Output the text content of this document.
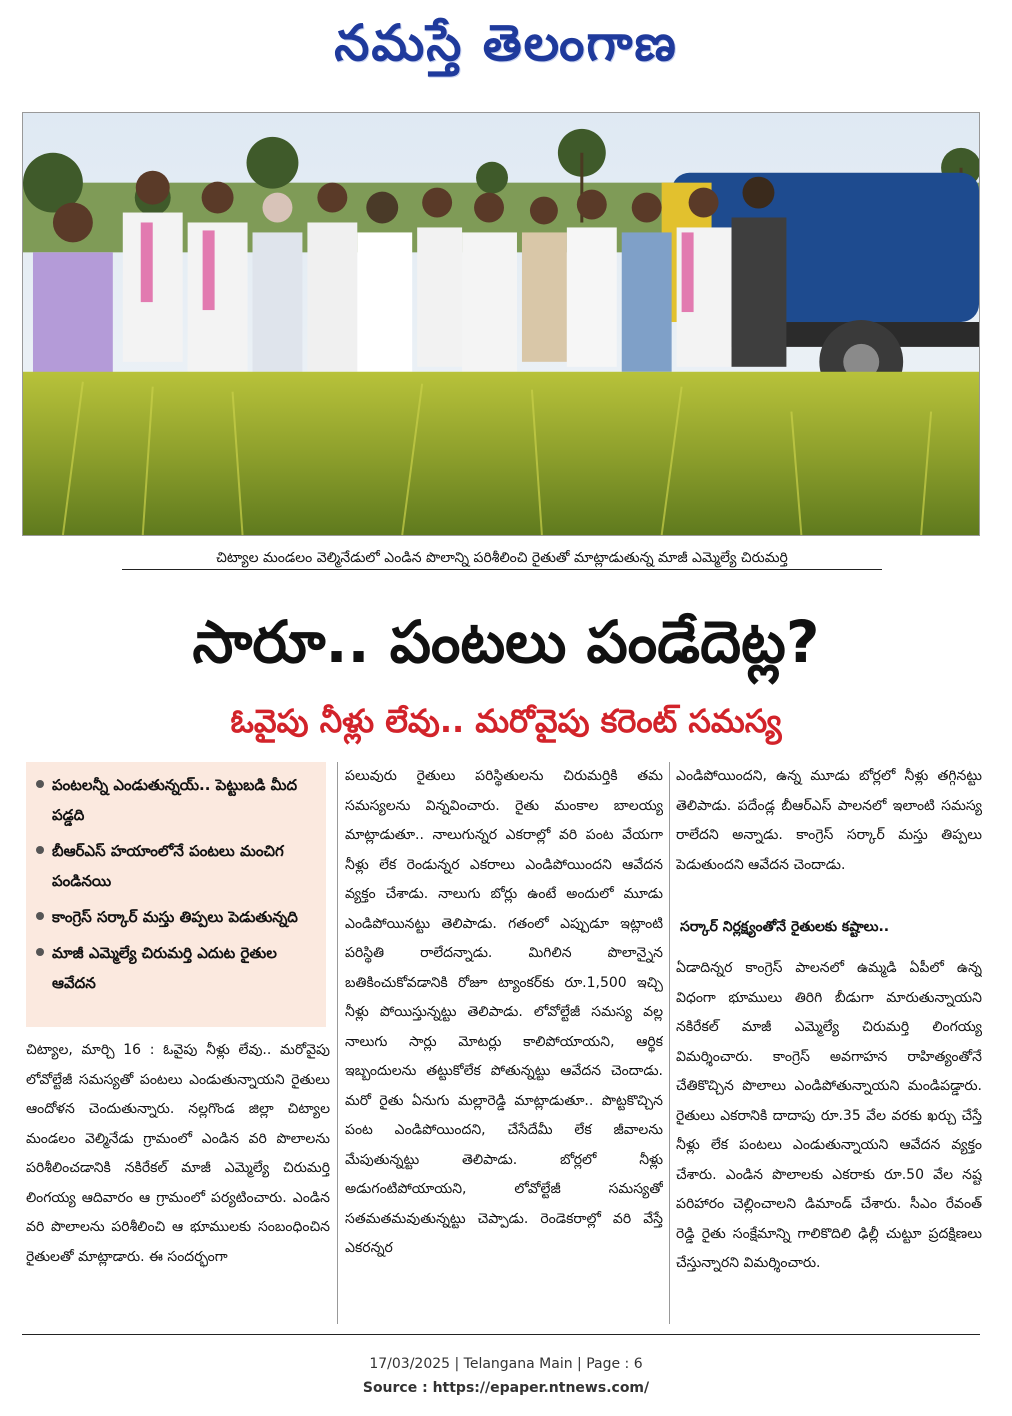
నమస్తే తెలంగాణ
చిట్యాల మండలం వెల్మినేడులో ఎండిన పొలాన్ని పరిశీలించి రైతుతో మాట్లాడుతున్న మాజీ ఎమ్మెల్యే చిరుమర్తి
సారూ.. పంటలు పండేదెట్ల?
ఓవైపు నీళ్లు లేవు.. మరోవైపు కరెంట్ సమస్య
పంటలన్నీ ఎండుతున్నయ్.. పెట్టుబడి మీద పడ్డది
బీఆర్ఎస్ హయాంలోనే పంటలు మంచిగ పండినయి
కాంగ్రెస్ సర్కార్ మస్తు తిప్పలు పెడుతున్నది
మాజీ ఎమ్మెల్యే చిరుమర్తి ఎదుట రైతుల ఆవేదన
చిట్యాల, మార్చి 16 : ఓవైపు నీళ్లు లేవు.. మరోవైపు లోవోల్టేజీ సమస్యతో పంటలు ఎండుతున్నాయని రైతులు ఆందోళన చెందుతున్నారు. నల్లగొండ జిల్లా చిట్యాల మండలం వెల్మినేడు గ్రామంలో ఎండిన వరి పొలాలను పరిశీలించడానికి నకిరేకల్ మాజీ ఎమ్మెల్యే చిరుమర్తి లింగయ్య ఆదివారం ఆ గ్రామంలో పర్యటించారు. ఎండిన వరి పొలాలను పరిశీలించి ఆ భూములకు సంబంధించిన రైతులతో మాట్లాడారు. ఈ సందర్భంగా
పలువురు రైతులు పరిస్థితులను చిరుమర్తికి తమ సమస్యలను విన్నవించారు. రైతు మంకాల బాలయ్య మాట్లాడుతూ.. నాలుగున్నర ఎకరాల్లో వరి పంట వేయగా నీళ్లు లేక రెండున్నర ఎకరాలు ఎండిపోయిందని ఆవేదన వ్యక్తం చేశాడు. నాలుగు బోర్లు ఉంటే అందులో మూడు ఎండిపోయినట్టు తెలిపాడు. గతంలో ఎప్పుడూ ఇట్లాంటి పరిస్థితి రాలేదన్నాడు. మిగిలిన పొలాన్నైన బతికించుకోవడానికి రోజూ ట్యాంకర్‌కు రూ.1,500 ఇచ్చి నీళ్లు పోయిస్తున్నట్టు తెలిపాడు. లోవోల్టేజీ సమస్య వల్ల నాలుగు సార్లు మోటర్లు కాలిపోయాయని, ఆర్థిక ఇబ్బందులను తట్టుకోలేక పోతున్నట్టు ఆవేదన చెందాడు. మరో రైతు ఏనుగు మల్లారెడ్డి మాట్లాడుతూ.. పొట్టకొచ్చిన పంట ఎండిపోయిందని, చేసేదేమీ లేక జీవాలను మేపుతున్నట్టు తెలిపాడు. బోర్లలో నీళ్లు అడుగంటిపోయాయని, లోవోల్టేజీ సమస్యతో సతమతమవుతున్నట్టు చెప్పాడు. రెండెకరాల్లో వరి వేస్తే ఎకరన్నర
ఎండిపోయిందని, ఉన్న మూడు బోర్లలో నీళ్లు తగ్గినట్టు తెలిపాడు. పదేండ్ల బీఆర్ఎస్ పాలనలో ఇలాంటి సమస్య రాలేదని అన్నాడు. కాంగ్రెస్ సర్కార్ మస్తు తిప్పలు పెడుతుందని ఆవేదన చెందాడు.
సర్కార్ నిర్లక్ష్యంతోనే రైతులకు కష్టాలు..
ఏడాదిన్నర కాంగ్రెస్ పాలనలో ఉమ్మడి ఏపీలో ఉన్న విధంగా భూములు తిరిగి బీడుగా మారుతున్నాయని నకిరేకల్ మాజీ ఎమ్మెల్యే చిరుమర్తి లింగయ్య విమర్శించారు. కాంగ్రెస్ అవగాహన రాహిత్యంతోనే చేతికొచ్చిన పొలాలు ఎండిపోతున్నాయని మండిపడ్డారు. రైతులు ఎకరానికి దాదాపు రూ.35 వేల వరకు ఖర్చు చేస్తే నీళ్లు లేక పంటలు ఎండుతున్నాయని ఆవేదన వ్యక్తం చేశారు. ఎండిన పొలాలకు ఎకరాకు రూ.50 వేల నష్ట పరిహారం చెల్లించాలని డిమాండ్ చేశారు. సీఎం రేవంత్ రెడ్డి రైతు సంక్షేమాన్ని గాలికొదిలి ఢిల్లీ చుట్టూ ప్రదక్షిణలు చేస్తున్నారని విమర్శించారు.
17/03/2025 | Telangana Main | Page : 6
Source : https://epaper.ntnews.com/
